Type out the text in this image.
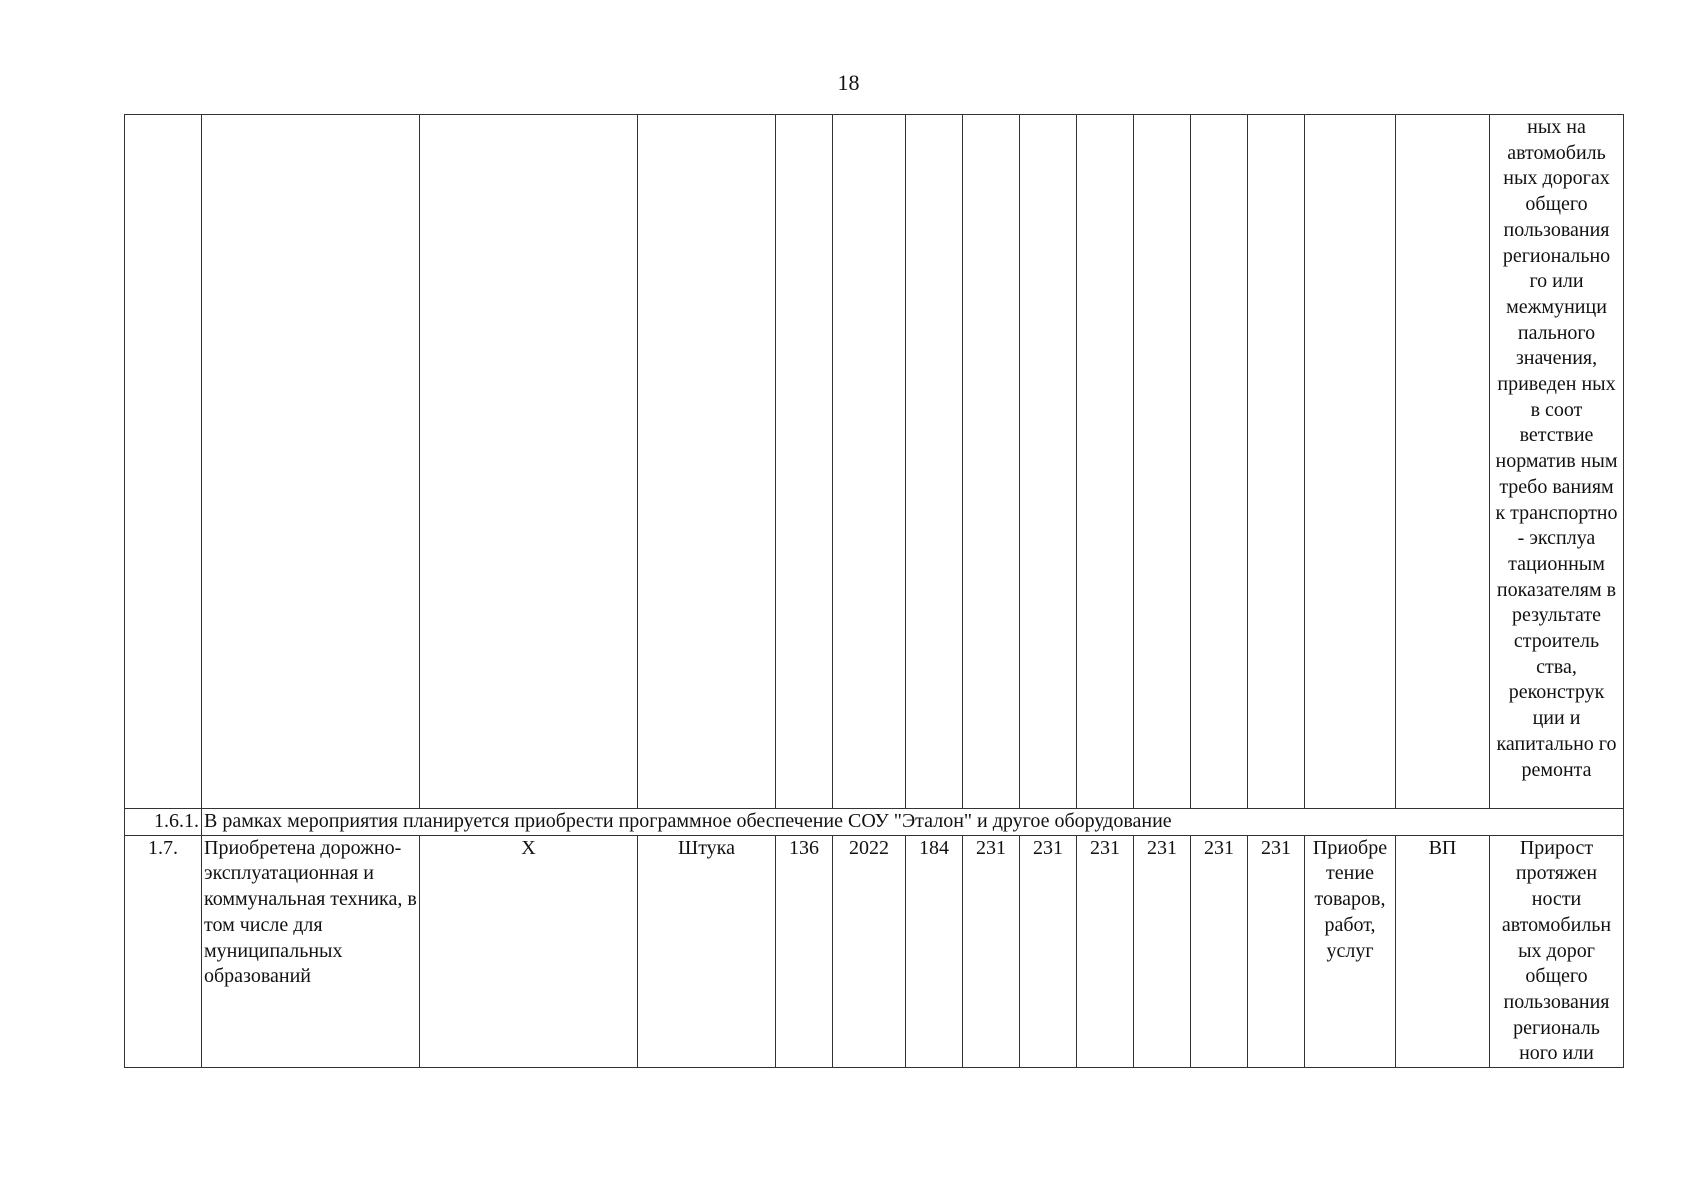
18
															ных на автомобиль ных дорогах общего пользования регионально го или межмуници пального значения, приведен ных в соот ветствие норматив ным требо ваниям к транспортно - эксплуа тационным показателям в результате строитель ства, реконструк ции и капитально го ремонта
1.6.1.	В рамках мероприятия планируется приобрести программное обеспечение СОУ "Эталон" и другое оборудование														
1.7.	Приобретена дорожно- эксплуатационная и коммунальная техника, в том числе для муниципальных образований	X	Штука	136	2022	184	231	231	231	231	231	231	Приобре тение товаров, работ, услуг	ВП	Прирост протяжен ности автомобильн ых дорог общего пользования региональ ного или
